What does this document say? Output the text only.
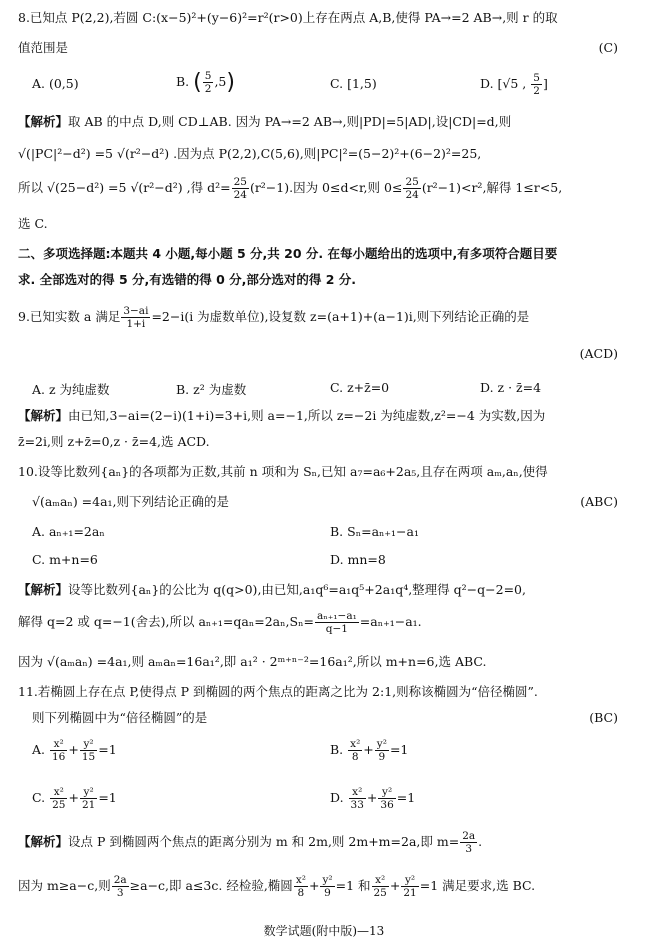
8.已知点 P(2,2),若圆 C:(x−5)²+(y−6)²=r²(r>0)上存在两点 A,B,使得 PA→=2 AB→,则 r 的取
值范围是	(C)
A. (0,5)	B. ( $\frac{5}{2} ,5$)	C. [1,5)	D. [√5 , $\frac{5}{2}$ ]
【解析】取 AB 的中点 D,则 CD⊥AB. 因为 PA→=2 AB→,则|PD|=5|AD|,设|CD|=d,则
√(|PC|²−d²) =5 √(r²−d²) .因为点 P(2,2),C(5,6),则|PC|²=(5−2)²+(6−2)²=25,
所以 √(25−d²) =5 √(r²−d²) ,得 $d^2= \frac{25}{24} (r^2-1)$.因为 0≤d<r,则 $0\le \frac{25}{24} (r^2-1)<r^2$,解得 1≤r<5,
选 C.
二、多项选择题:本题共 4 小题,每小题 5 分,共 20 分. 在每小题给出的选项中,有多项符合题目要
求. 全部选对的得 5 分,有选错的得 0 分,部分选对的得 2 分.
9.已知实数 a 满足 $\frac{3-ai}{1+i} =2-i(i$ 为虚数单位),设复数 z=(a+1)+(a−1)i,则下列结论正确的是
(ACD)
A. z 为纯虚数	B. z² 为虚数	C. z+z̄=0	D. z · z̄=4
【解析】由已知,3−ai=(2−i)(1+i)=3+i,则 a=−1,所以 z=−2i 为纯虚数,z²=−4 为实数,因为
z̄=2i,则 z+z̄=0,z · z̄=4,选 ACD.
10.设等比数列{aₙ}的各项都为正数,其前 n 项和为 Sₙ,已知 a₇=a₆+2a₅,且存在两项 aₘ,aₙ,使得
√(aₘaₙ) =4a₁,则下列结论正确的是	(ABC)
A. aₙ₊₁=2aₙ	B. Sₙ=aₙ₊₁−a₁
C. m+n=6	D. mn=8
【解析】设等比数列{aₙ}的公比为 q(q>0),由已知,a₁q⁶=a₁q⁵+2a₁q⁴,整理得 q²−q−2=0,
解得 q=2 或 q=−1(舍去),所以 $a_{n+1}=qa_n=2a_n,S_n= \frac{\text{aₙ₊₁−a₁}}{q-1} =a_{n+1}-a_1$.
因为 √(aₘaₙ) =4a₁,则 aₘaₙ=16a₁²,即 a₁² · 2ᵐ⁺ⁿ⁻²=16a₁²,所以 m+n=6,选 ABC.
11.若椭圆上存在点 P,使得点 P 到椭圆的两个焦点的距离之比为 2:1,则称该椭圆为“倍径椭圆”.
则下列椭圆中为“倍径椭圆”的是	(BC)
A. $\frac{\text{x²}}{16} + \frac{\text{y²}}{15} =1$	B. $\frac{\text{x²}}{8} + \frac{\text{y²}}{9} =1$
C. $\frac{\text{x²}}{25} + \frac{\text{y²}}{21} =1$	D. $\frac{\text{x²}}{33} + \frac{\text{y²}}{36} =1$
【解析】设点 P 到椭圆两个焦点的距离分别为 m 和 2m,则 2m+m=2a,即 $m= \frac{2a}{3}$ .
因为 m≥a−c,则 $\frac{2a}{3} \ge a-c$,即 a≤3c. 经检验,椭圆 $\frac{\text{x²}}{8} + \frac{\text{y²}}{9} =1$ 和 $\frac{\text{x²}}{25} + \frac{\text{y²}}{21} =1$ 满足要求,选 BC.
数学试题(附中版)—13
